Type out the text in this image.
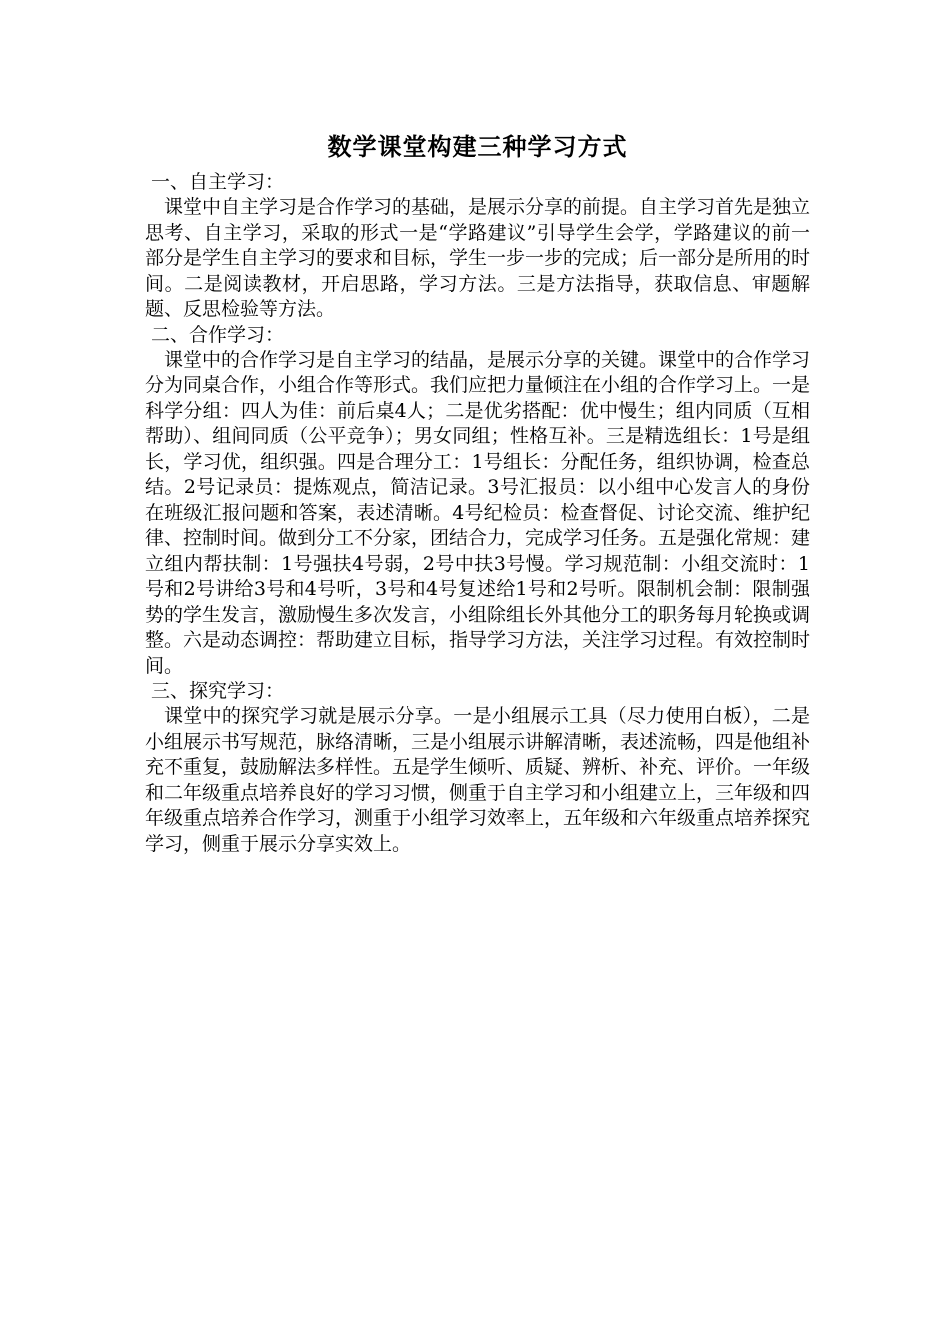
数学课堂构建三种学习方式

一、自主学习：

课堂中自主学习是合作学习的基础，是展示分享的前提。自主学习首先是独立思考、自主学习，采取的形式一是“学路建议”引导学生会学，学路建议的前一部分是学生自主学习的要求和目标，学生一步一步的完成；后一部分是所用的时间。二是阅读教材，开启思路，学习方法。三是方法指导，获取信息、审题解题、反思检验等方法。

二、合作学习：

课堂中的合作学习是自主学习的结晶，是展示分享的关键。课堂中的合作学习分为同桌合作，小组合作等形式。我们应把力量倾注在小组的合作学习上。一是科学分组：四人为佳：前后桌4人；二是优劣搭配：优中慢生；组内同质（互相帮助）、组间同质（公平竞争）；男女同组；性格互补。三是精选组长：1号是组长，学习优，组织强。四是合理分工：1号组长：分配任务，组织协调，检查总结。2号记录员：提炼观点，简洁记录。3号汇报员：以小组中心发言人的身份在班级汇报问题和答案，表述清晰。4号纪检员：检查督促、讨论交流、维护纪律、控制时间。做到分工不分家，团结合力，完成学习任务。五是强化常规：建立组内帮扶制：1号强扶4号弱，2号中扶3号慢。学习规范制：小组交流时：1号和2号讲给3号和4号听，3号和4号复述给1号和2号听。限制机会制：限制强势的学生发言，激励慢生多次发言，小组除组长外其他分工的职务每月轮换或调整。六是动态调控：帮助建立目标，指导学习方法，关注学习过程。有效控制时间。

三、探究学习：

课堂中的探究学习就是展示分享。一是小组展示工具（尽力使用白板），二是小组展示书写规范，脉络清晰，三是小组展示讲解清晰，表述流畅，四是他组补充不重复，鼓励解法多样性。五是学生倾听、质疑、辨析、补充、评价。一年级和二年级重点培养良好的学习习惯，侧重于自主学习和小组建立上，三年级和四年级重点培养合作学习，测重于小组学习效率上，五年级和六年级重点培养探究学习，侧重于展示分享实效上。
